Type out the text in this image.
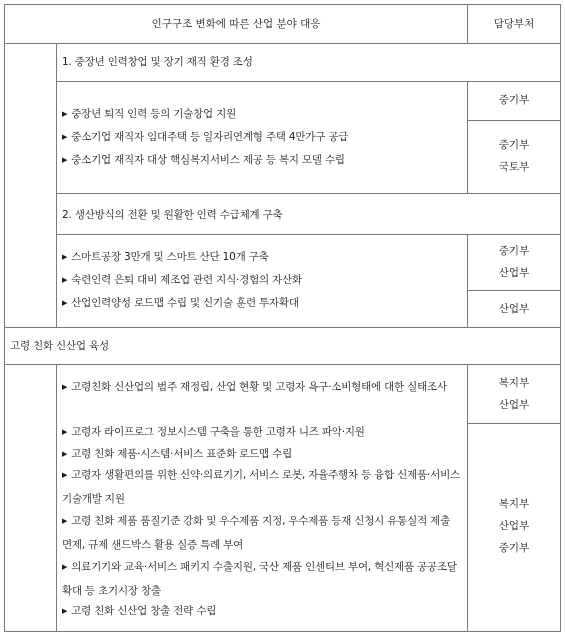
인구구조 변화에 따른 산업 분야 대응	담당부처
1. 중장년 인력창업 및 장기 재직 환경 조성
▶ 중장년 퇴직 인력 등의 기술창업 지원
▶ 중소기업 재직자 임대주택 등 일자리연계형 주택 4만가구 공급
▶ 중소기업 재직자 대상 핵심복지서비스 제공 등 복지 모델 수립
중기부
중기부
국토부
2. 생산방식의 전환 및 원활한 인력 수급체계 구축
▶ 스마트공장 3만개 및 스마트 산단 10개 구축
▶ 숙련인력 은퇴 대비 제조업 관련 지식·경험의 자산화
▶ 산업인력양성 로드맵 수립 및 신기술 훈련 투자확대
중기부
산업부
산업부
고령 친화 신산업 육성
▶ 고령친화 신산업의 범주 재정립, 산업 현황 및 고령자 욕구·소비형태에 대한 실태조사
▶ 고령자 라이프로그 정보시스템 구축을 통한 고령자 니즈 파악·지원
▶ 고령 친화 제품·시스템·서비스 표준화 로드맵 수립
▶ 고령자 생활편의를 위한 신약·의료기기, 서비스 로봇, 자율주행차 등 융합 신제품·서비스 기술개발 지원
▶ 고령 친화 제품 품질기준 강화 및 우수제품 지정, 우수제품 등재 신청시 유통실적 제출 면제, 규제 샌드박스 활용 실증 특례 부여
▶ 의료기기와 교육·서비스 패키지 수출지원, 국산 제품 인센티브 부여, 혁신제품 공공조달 확대 등 초기시장 창출
▶ 고령 친화 신산업 창출 전략 수립
복지부
산업부
복지부
산업부
중기부
